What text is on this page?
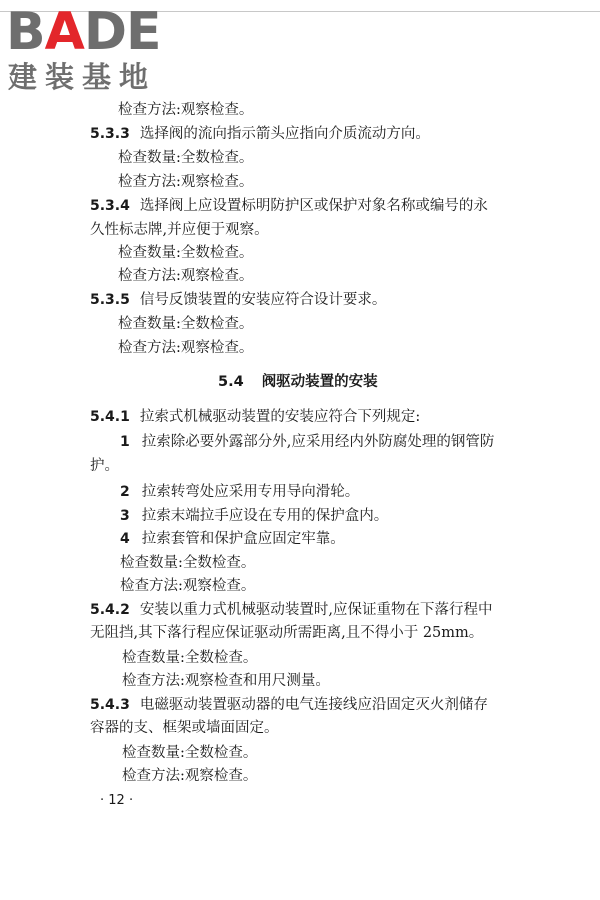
BADE
建装基地
检查方法:观察检查。
5.3.3 选择阀的流向指示箭头应指向介质流动方向。
检查数量:全数检查。
检查方法:观察检查。
5.3.4 选择阀上应设置标明防护区或保护对象名称或编号的永
久性标志牌,并应便于观察。
检查数量:全数检查。
检查方法:观察检查。
5.3.5 信号反馈装置的安装应符合设计要求。
检查数量:全数检查。
检查方法:观察检查。
5.4 阀驱动装置的安装
5.4.1 拉索式机械驱动装置的安装应符合下列规定:
1 拉索除必要外露部分外,应采用经内外防腐处理的钢管防
护。
2 拉索转弯处应采用专用导向滑轮。
3 拉索末端拉手应设在专用的保护盒内。
4 拉索套管和保护盒应固定牢靠。
检查数量:全数检查。
检查方法:观察检查。
5.4.2 安装以重力式机械驱动装置时,应保证重物在下落行程中
无阻挡,其下落行程应保证驱动所需距离,且不得小于 25mm。
检查数量:全数检查。
检查方法:观察检查和用尺测量。
5.4.3 电磁驱动装置驱动器的电气连接线应沿固定灭火剂储存
容器的支、框架或墙面固定。
检查数量:全数检查。
检查方法:观察检查。
· 12 ·
